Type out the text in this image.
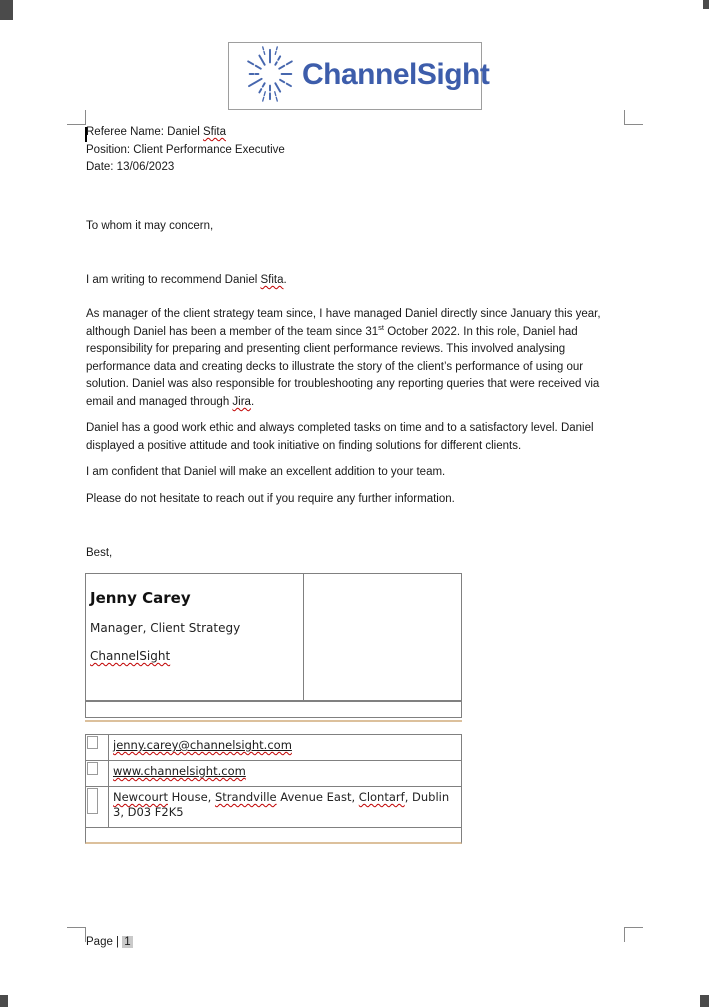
ChannelSight
Referee Name: Daniel Sfita
Position: Client Performance Executive
Date: 13/06/2023
To whom it may concern,
I am writing to recommend Daniel Sfita.
As manager of the client strategy team since, I have managed Daniel directly since January this year, although Daniel has been a member of the team since 31st October 2022. In this role, Daniel had responsibility for preparing and presenting client performance reviews. This involved analysing performance data and creating decks to illustrate the story of the client’s performance of using our solution. Daniel was also responsible for troubleshooting any reporting queries that were received via email and managed through Jira.
Daniel has a good work ethic and always completed tasks on time and to a satisfactory level. Daniel displayed a positive attitude and took initiative on finding solutions for different clients.
I am confident that Daniel will make an excellent addition to your team.
Please do not hesitate to reach out if you require any further information.
Best,
Jenny Carey
Manager, Client Strategy
ChannelSight
jenny.carey@channelsight.com
www.channelsight.com
Newcourt House, Strandville Avenue East, Clontarf, Dublin 3, D03 F2K5
Page | 1
